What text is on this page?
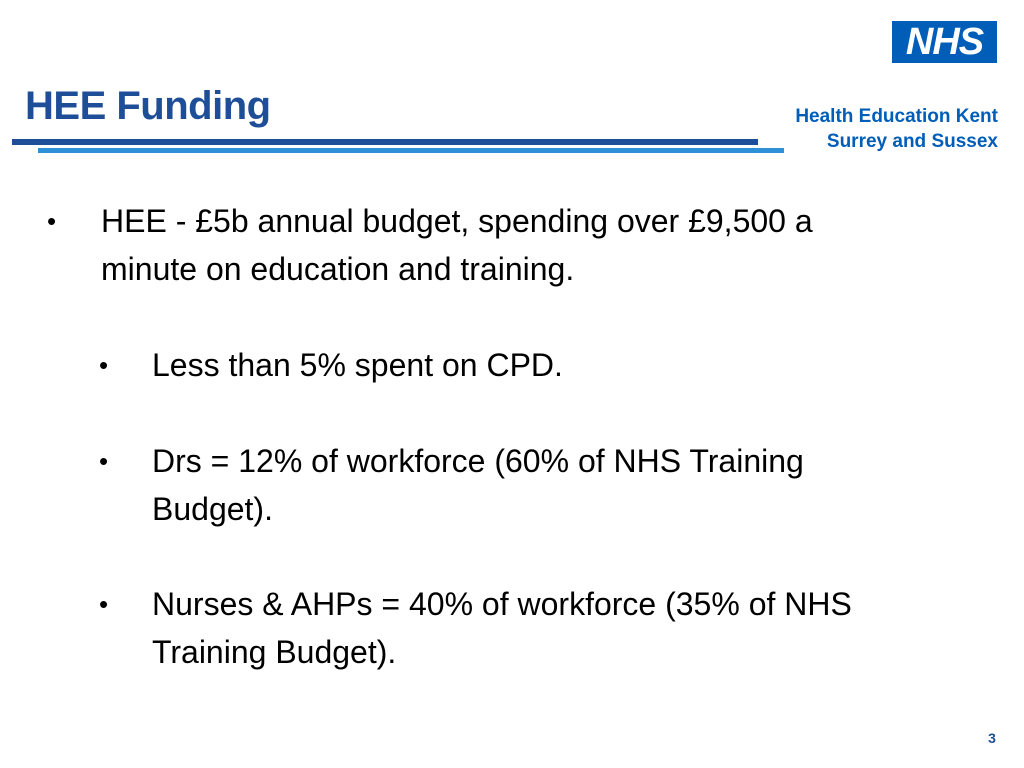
NHS
Health Education Kent
Surrey and Sussex
HEE Funding
• HEE - £5b annual budget, spending over £9,500 a minute on education and training.
• Less than 5% spent on CPD.
• Drs = 12% of workforce (60% of NHS Training Budget).
• Nurses & AHPs = 40% of workforce (35% of NHS Training Budget).
3
